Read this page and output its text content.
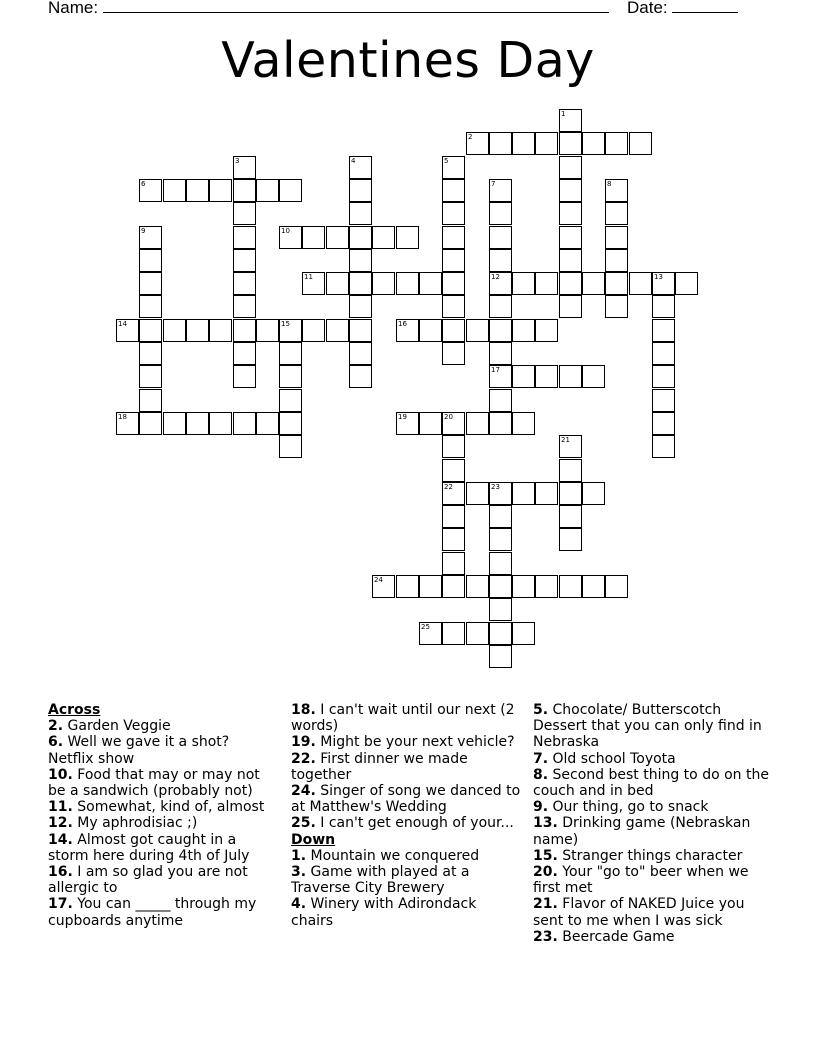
Name:	Date:
Valentines Day
1
2
3	4	5
6	7
12
17
8
9	10
11	13
14	15	16
18	19	20
22
21
23
24
25

Across

2. Garden Veggie

6. Well we gave it a shot? Netflix show

10. Food that may or may not be a sandwich (probably not)

11. Somewhat, kind of, almost

12. My aphrodisiac ;)

14. Almost got caught in a storm here during 4th of July

16. I am so glad you are not allergic to

17. You can _____ through my cupboards anytime

18. I can't wait until our next (2 words)

19. Might be your next vehicle?

22. First dinner we made together

24. Singer of song we danced to at Matthew's Wedding

25. I can't get enough of your...

Down

1. Mountain we conquered

3. Game with played at a Traverse City Brewery

4. Winery with Adirondack chairs

5. Chocolate/ Butterscotch Dessert that you can only find in Nebraska

7. Old school Toyota

8. Second best thing to do on the couch and in bed

9. Our thing, go to snack

13. Drinking game (Nebraskan name)

15. Stranger things character

20. Your "go to" beer when we first met

21. Flavor of NAKED Juice you sent to me when I was sick

23. Beercade Game
